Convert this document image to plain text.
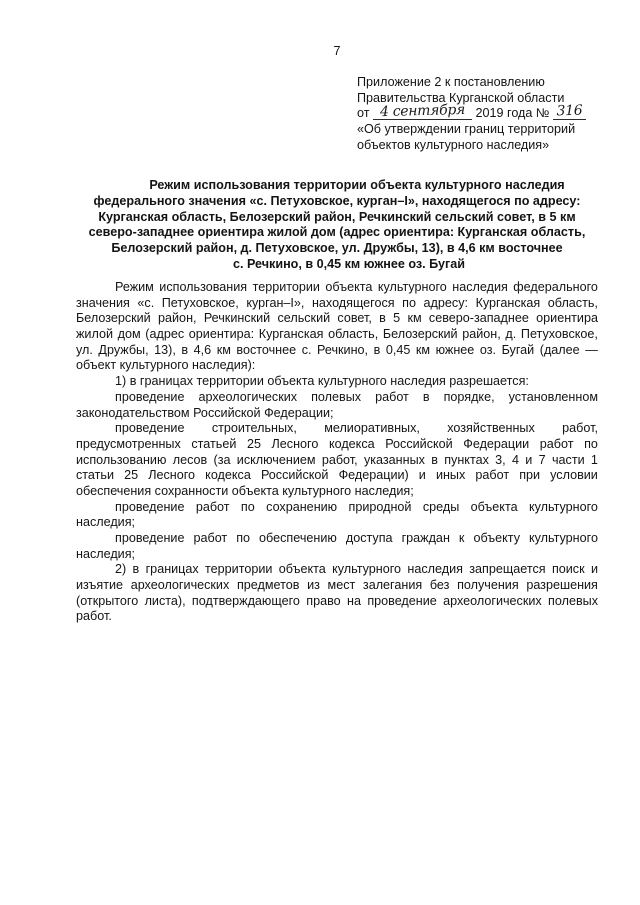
7
Приложение 2 к постановлению
Правительства Курганской области
от 4 сентября 2019 года № 316
«Об утверждении границ территорий
объектов культурного наследия»
Режим использования территории объекта культурного наследия
федерального значения «с. Петуховское, курган–I», находящегося по адресу:
Курганская область, Белозерский район, Речкинский сельский совет, в 5 км
северо-западнее ориентира жилой дом (адрес ориентира: Курганская область,
Белозерский район, д. Петуховское, ул. Дружбы, 13), в 4,6 км восточнее
с. Речкино, в 0,45 км южнее оз. Бугай
Режим использования территории объекта культурного наследия федерального
значения «с. Петуховское, курган–I», находящегося по адресу: Курганская область,
Белозерский район, Речкинский сельский совет, в 5 км северо-западнее ориентира
жилой дом (адрес ориентира: Курганская область, Белозерский район, д. Петуховское,
ул. Дружбы, 13), в 4,6 км восточнее с. Речкино, в 0,45 км южнее оз. Бугай (далее —
объект культурного наследия):
1) в границах территории объекта культурного наследия разрешается:
проведение археологических полевых работ в порядке, установленном
законодательством Российской Федерации;
проведение строительных, мелиоративных, хозяйственных работ,
предусмотренных статьей 25 Лесного кодекса Российской Федерации работ по
использованию лесов (за исключением работ, указанных в пунктах 3, 4 и 7 части 1
статьи 25 Лесного кодекса Российской Федерации) и иных работ при условии
обеспечения сохранности объекта культурного наследия;
проведение работ по сохранению природной среды объекта культурного
наследия;
проведение работ по обеспечению доступа граждан к объекту культурного
наследия;
2) в границах территории объекта культурного наследия запрещается поиск и
изъятие археологических предметов из мест залегания без получения разрешения
(открытого листа), подтверждающего право на проведение археологических полевых
работ.
